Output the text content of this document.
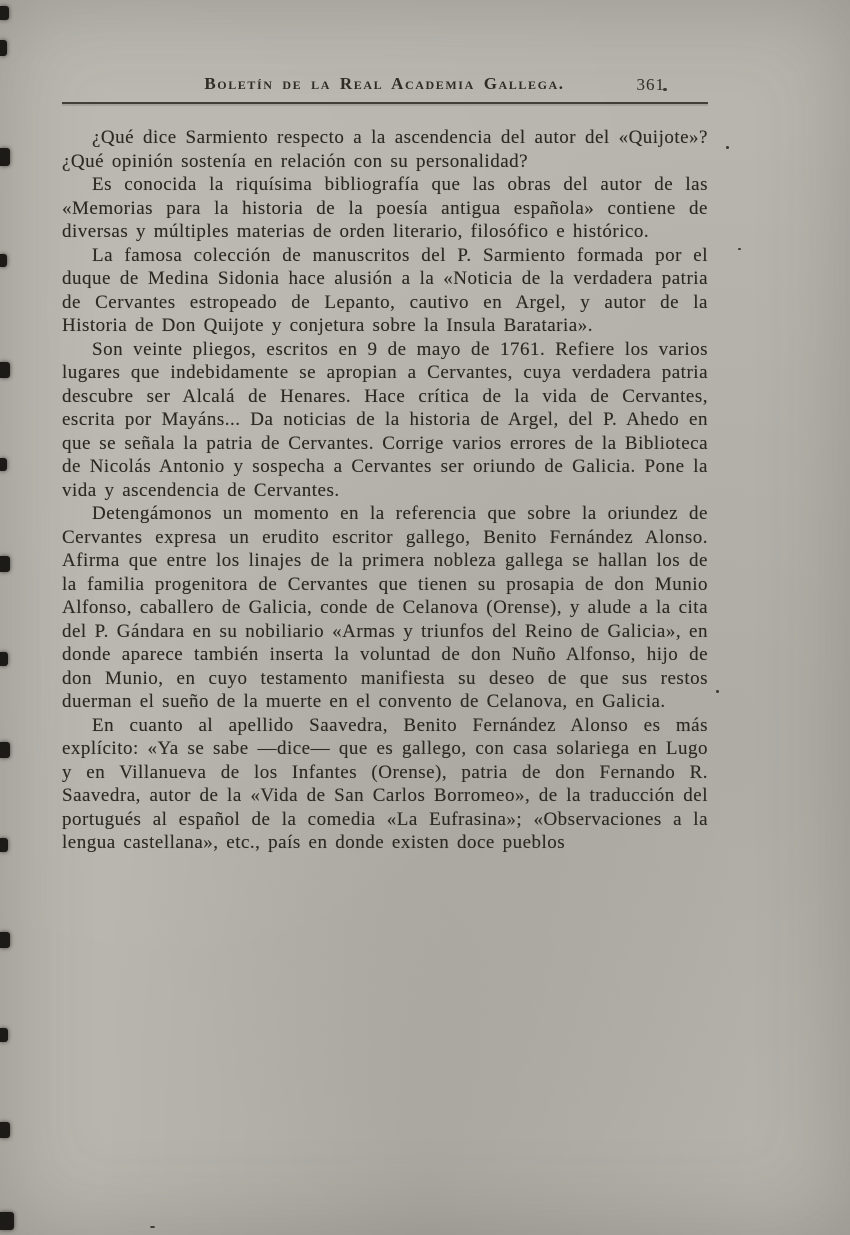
Boletín de la Real Academia Gallega.	361

¿Qué dice Sarmiento respecto a la ascendencia del autor del «Quijote»? ¿Qué opinión sostenía en relación con su personalidad?

Es conocida la riquísima bibliografía que las obras del autor de las «Memorias para la historia de la poesía antigua española» contiene de diversas y múltiples materias de orden literario, filosófico e histórico.

La famosa colección de manuscritos del P. Sarmiento formada por el duque de Medina Sidonia hace alusión a la «Noticia de la verdadera patria de Cervantes estropeado de Lepanto, cautivo en Argel, y autor de la Historia de Don Quijote y conjetura sobre la Insula Barataria».

Son veinte pliegos, escritos en 9 de mayo de 1761. Refiere los varios lugares que indebidamente se apropian a Cervantes, cuya verdadera patria descubre ser Alcalá de Henares. Hace crítica de la vida de Cervantes, escrita por Mayáns... Da noticias de la historia de Argel, del P. Ahedo en que se señala la patria de Cervantes. Corrige varios errores de la Biblioteca de Nicolás Antonio y sospecha a Cervantes ser oriundo de Galicia. Pone la vida y ascendencia de Cervantes.

Detengámonos un momento en la referencia que sobre la oriundez de Cervantes expresa un erudito escritor gallego, Benito Fernández Alonso. Afirma que entre los linajes de la primera nobleza gallega se hallan los de la familia progenitora de Cervantes que tienen su prosapia de don Munio Alfonso, caballero de Galicia, conde de Celanova (Orense), y alude a la cita del P. Gándara en su nobiliario «Armas y triunfos del Reino de Galicia», en donde aparece también inserta la voluntad de don Nuño Alfonso, hijo de don Munio, en cuyo testamento manifiesta su deseo de que sus restos duerman el sueño de la muerte en el convento de Celanova, en Galicia.

En cuanto al apellido Saavedra, Benito Fernández Alonso es más explícito: «Ya se sabe —dice— que es gallego, con casa solariega en Lugo y en Villanueva de los Infantes (Orense), patria de don Fernando R. Saavedra, autor de la «Vida de San Carlos Borromeo», de la traducción del portugués al español de la comedia «La Eufrasina»; «Observaciones a la lengua castellana», etc., país en donde existen doce pueblos
